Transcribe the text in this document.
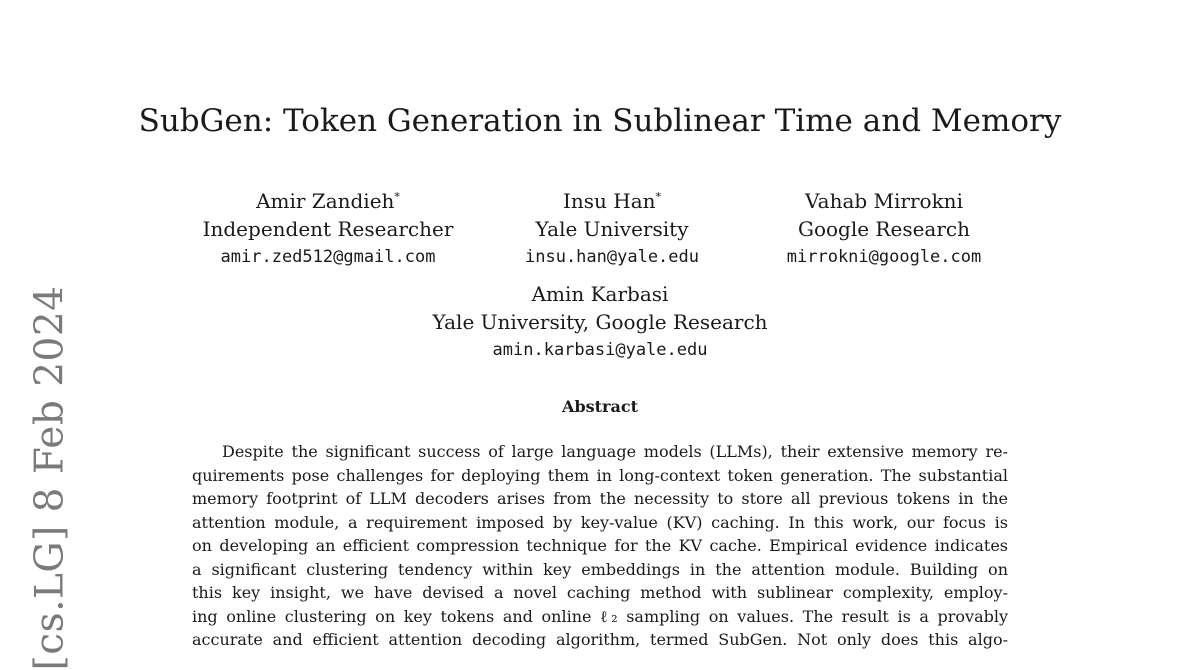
[cs.LG] 8 Feb 2024
SubGen: Token Generation in Sublinear Time and Memory
Amir Zandieh*
Independent Researcher
amir.zed512@gmail.com
Insu Han*
Yale University
insu.han@yale.edu
Vahab Mirrokni
Google Research
mirrokni@google.com
Amin Karbasi
Yale University, Google Research
amin.karbasi@yale.edu
Abstract
Despite the significant success of large language models (LLMs), their extensive memory re-
quirements pose challenges for deploying them in long-context token generation. The substantial
memory footprint of LLM decoders arises from the necessity to store all previous tokens in the
attention module, a requirement imposed by key-value (KV) caching. In this work, our focus is
on developing an efficient compression technique for the KV cache. Empirical evidence indicates
a significant clustering tendency within key embeddings in the attention module. Building on
this key insight, we have devised a novel caching method with sublinear complexity, employ-
ing online clustering on key tokens and online ℓ₂ sampling on values. The result is a provably
accurate and efficient attention decoding algorithm, termed SubGen. Not only does this algo-
